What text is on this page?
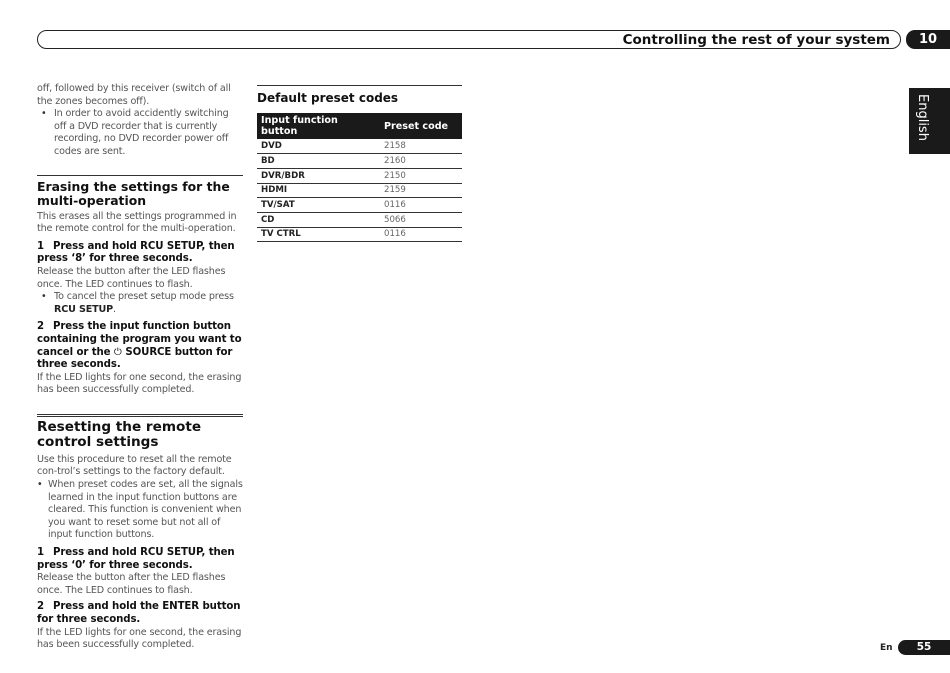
Controlling the rest of your system	10
English

off, followed by this receiver (switch of all the zones becomes off).

• In order to avoid accidently switching off a DVD recorder that is currently recording, no DVD recorder power off codes are sent.

Erasing the settings for the multi-operation

This erases all the settings programmed in the remote control for the multi-operation.

1 Press and hold RCU SETUP, then press ‘8’ for three seconds.

Release the button after the LED flashes once. The LED continues to flash.

• To cancel the preset setup mode press
RCU SETUP.

2 Press the input function button containing the program you want to cancel or the ⏻ SOURCE button for three seconds.

If the LED lights for one second, the erasing has been successfully completed.

Resetting the remote control settings

Use this procedure to reset all the remote con-trol’s settings to the factory default.

• When preset codes are set, all the signals learned in the input function buttons are cleared. This function is convenient when you want to reset some but not all of input function buttons.

1 Press and hold RCU SETUP, then press ‘0’ for three seconds.

Release the button after the LED flashes once. The LED continues to flash.

2 Press and hold the ENTER button for three seconds.

If the LED lights for one second, the erasing has been successfully completed.

Default preset codes
Input function button	Preset code
DVD	2158
BD	2160
DVR/BDR	2150
HDMI	2159
TV/SAT	0116
CD	5066
TV CTRL	0116
En	55
